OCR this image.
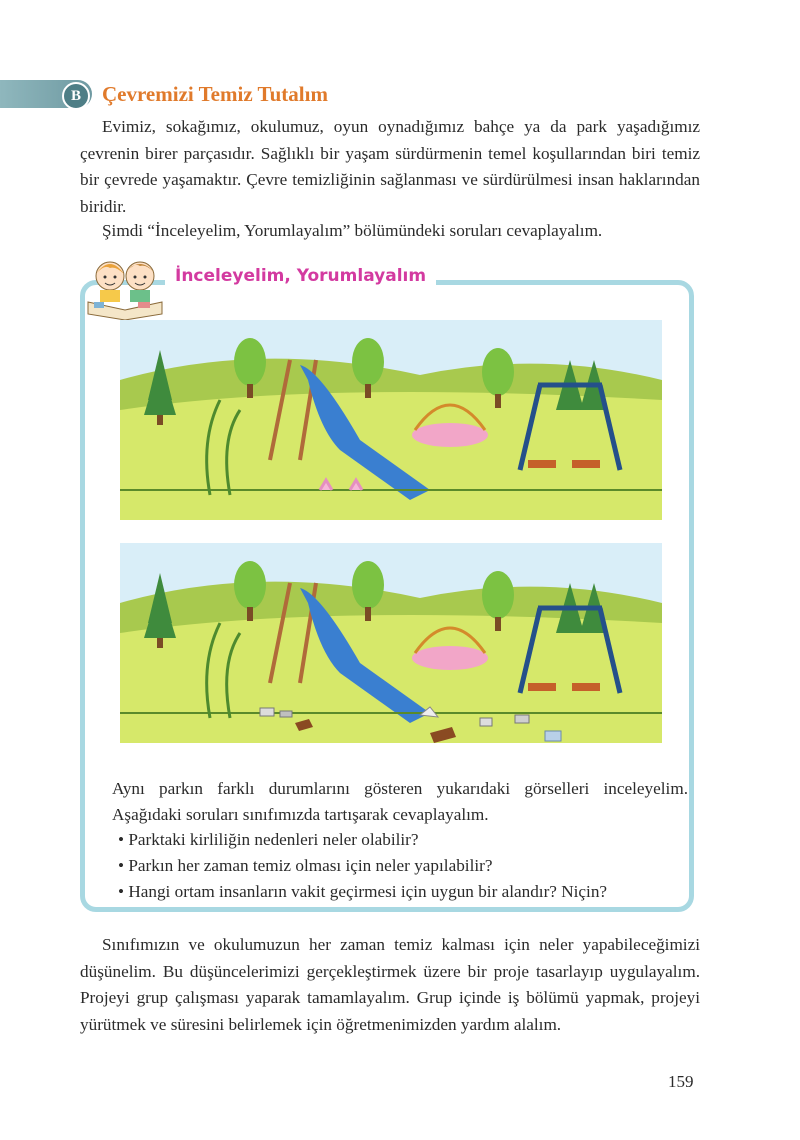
B	Çevremizi Temiz Tutalım

Evimiz, sokağımız, okulumuz, oyun oynadığımız bahçe ya da park yaşadığımız çevrenin birer parçasıdır. Sağlıklı bir yaşam sürdürmenin temel koşullarından biri temiz bir çevrede yaşamaktır. Çevre temizliğinin sağlanması ve sürdürülmesi insan haklarından biridir.

Şimdi “İnceleyelim, Yorumlayalım” bölümündeki soruları cevaplayalım.

İnceleyelim, Yorumlayalım

Aynı parkın farklı durumlarını gösteren yukarıdaki görselleri inceleyelim. Aşağıdaki soruları sınıfımızda tartışarak cevaplayalım.

• Parktaki kirliliğin nedenleri neler olabilir?
• Parkın her zaman temiz olması için neler yapılabilir?
• Hangi ortam insanların vakit geçirmesi için uygun bir alandır? Niçin?

Sınıfımızın ve okulumuzun her zaman temiz kalması için neler yapabileceğimizi düşünelim. Bu düşüncelerimizi gerçekleştirmek üzere bir proje tasarlayıp uygulayalım. Projeyi grup çalışması yaparak tamamlayalım. Grup içinde iş bölümü yapmak, projeyi yürütmek ve süresini belirlemek için öğretmenimizden yardım alalım.

159
